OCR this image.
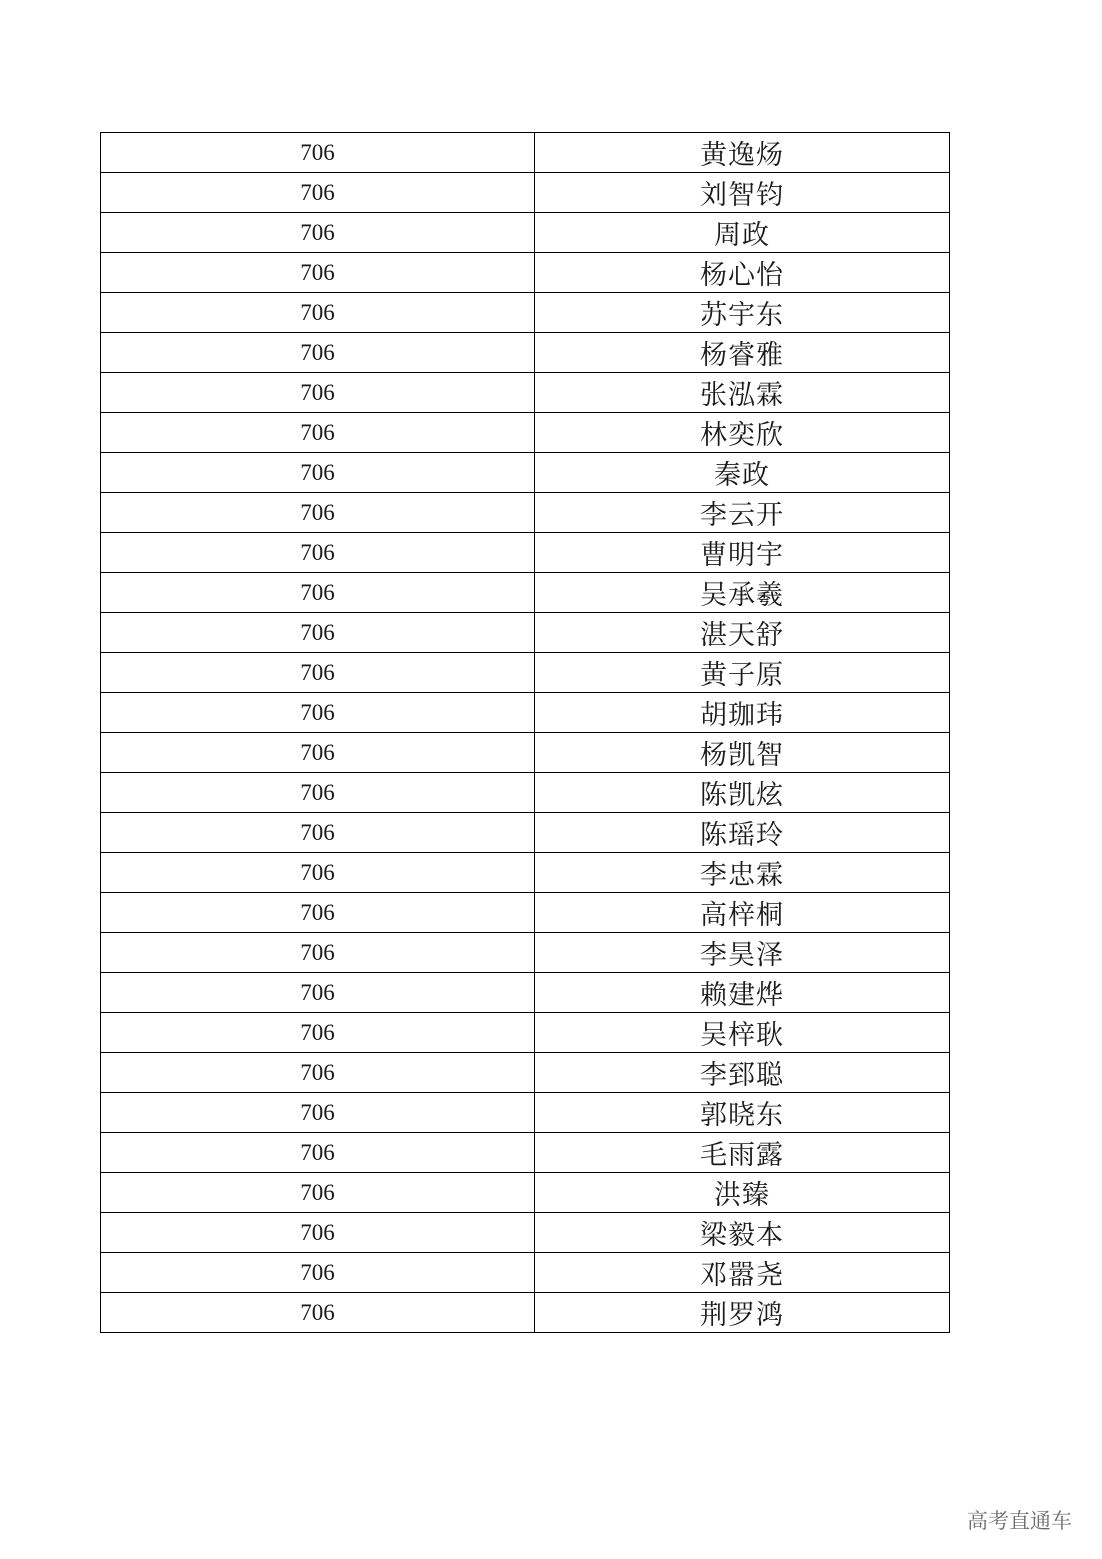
706	黄逸炀
706	刘智钧
706	周政
706	杨心怡
706	苏宇东
706	杨睿雅
706	张泓霖
706	林奕欣
706	秦政
706	李云开
706	曹明宇
706	吴承羲
706	湛天舒
706	黄子原
706	胡珈玮
706	杨凯智
706	陈凯炫
706	陈瑶玲
706	李忠霖
706	高梓桐
706	李昊泽
706	赖建烨
706	吴梓耿
706	李郅聪
706	郭晓东
706	毛雨露
706	洪臻
706	梁毅本
706	邓嚣尧
706	荆罗鸿
高考直通车
